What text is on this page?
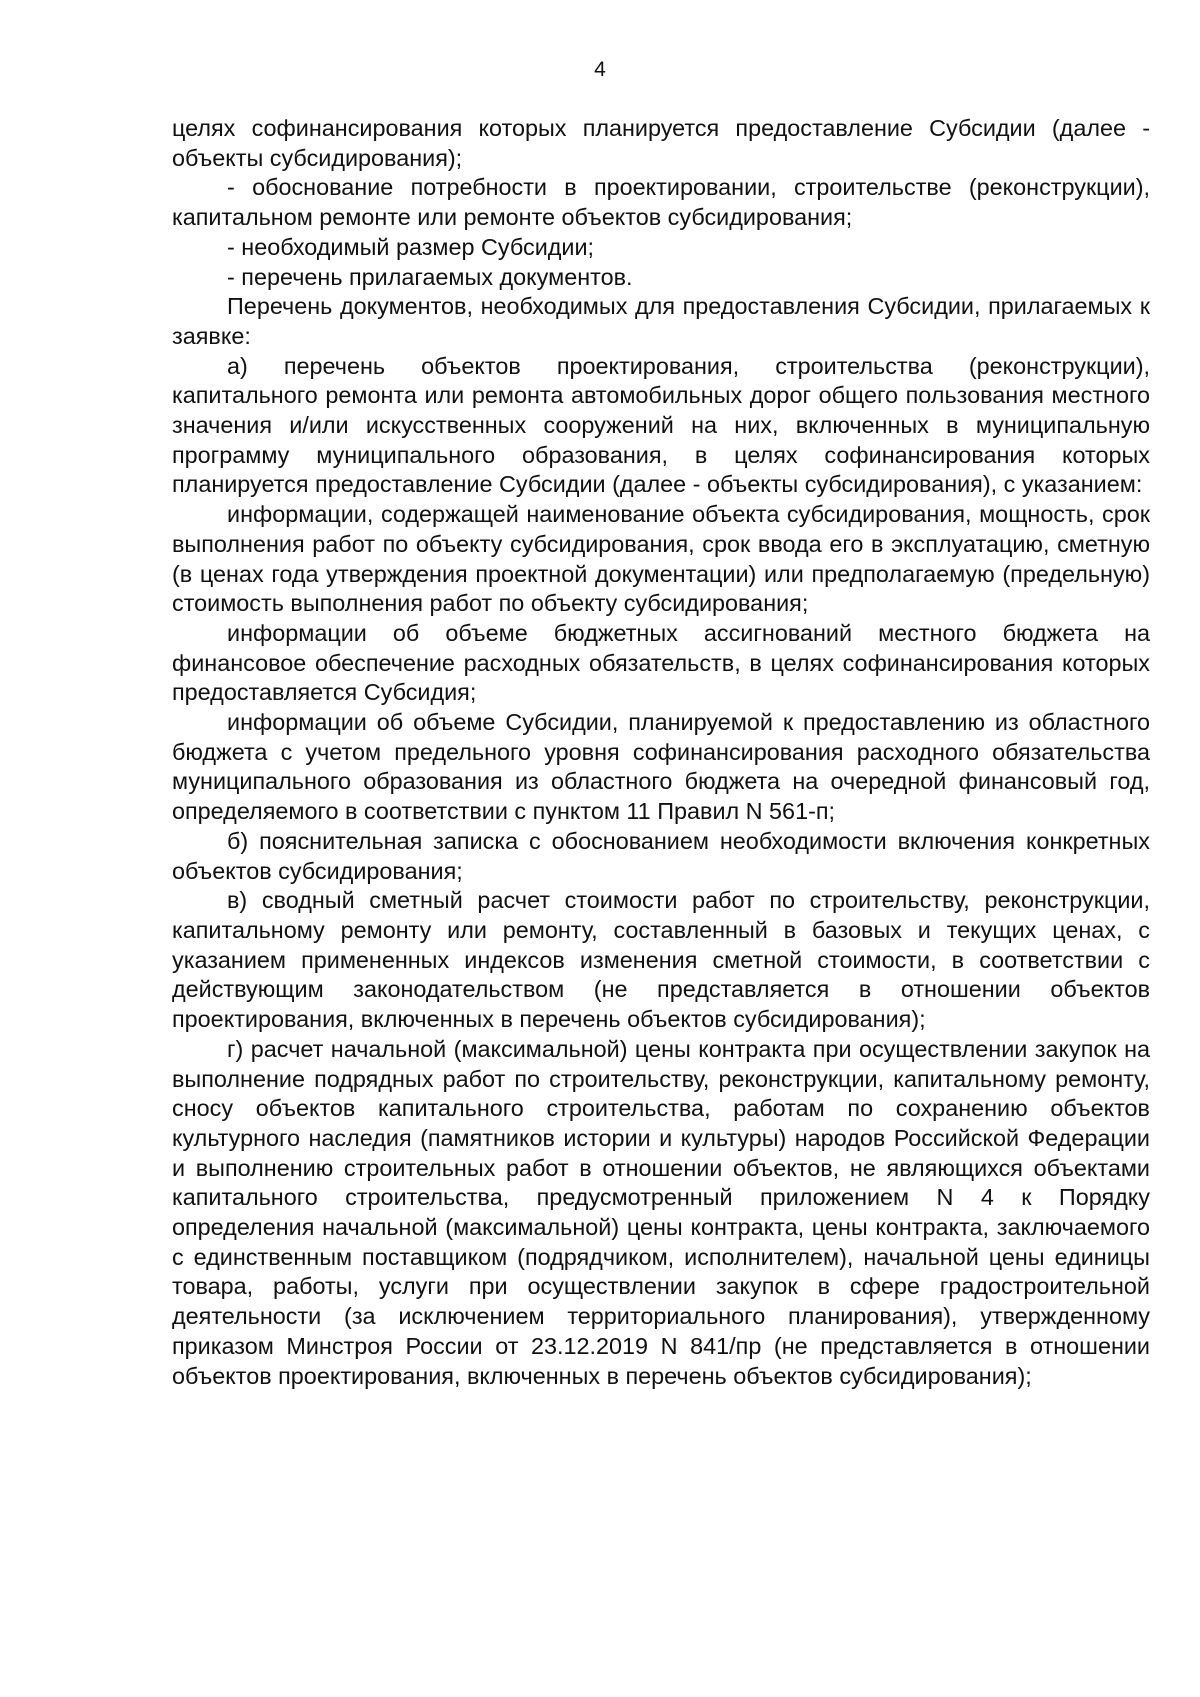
4

целях софинансирования которых планируется предоставление Субсидии (далее - объекты субсидирования);

- обоснование потребности в проектировании, строительстве (реконструкции), капитальном ремонте или ремонте объектов субсидирования;

- необходимый размер Субсидии;

- перечень прилагаемых документов.

Перечень документов, необходимых для предоставления Субсидии, прилагаемых к заявке:

а) перечень объектов проектирования, строительства (реконструкции), капитального ремонта или ремонта автомобильных дорог общего пользования местного значения и/или искусственных сооружений на них, включенных в муниципальную программу муниципального образования, в целях софинансирования которых планируется предоставление Субсидии (далее - объекты субсидирования), с указанием:

информации, содержащей наименование объекта субсидирования, мощность, срок выполнения работ по объекту субсидирования, срок ввода его в эксплуатацию, сметную (в ценах года утверждения проектной документации) или предполагаемую (предельную) стоимость выполнения работ по объекту субсидирования;

информации об объеме бюджетных ассигнований местного бюджета на финансовое обеспечение расходных обязательств, в целях софинансирования которых предоставляется Субсидия;

информации об объеме Субсидии, планируемой к предоставлению из областного бюджета с учетом предельного уровня софинансирования расходного обязательства муниципального образования из областного бюджета на очередной финансовый год, определяемого в соответствии с пунктом 11 Правил N 561-п;

б) пояснительная записка с обоснованием необходимости включения конкретных объектов субсидирования;

в) сводный сметный расчет стоимости работ по строительству, реконструкции, капитальному ремонту или ремонту, составленный в базовых и текущих ценах, с указанием примененных индексов изменения сметной стоимости, в соответствии с действующим законодательством (не представляется в отношении объектов проектирования, включенных в перечень объектов субсидирования);

г) расчет начальной (максимальной) цены контракта при осуществлении закупок на выполнение подрядных работ по строительству, реконструкции, капитальному ремонту, сносу объектов капитального строительства, работам по сохранению объектов культурного наследия (памятников истории и культуры) народов Российской Федерации и выполнению строительных работ в отношении объектов, не являющихся объектами капитального строительства, предусмотренный приложением N 4 к Порядку определения начальной (максимальной) цены контракта, цены контракта, заключаемого с единственным поставщиком (подрядчиком, исполнителем), начальной цены единицы товара, работы, услуги при осуществлении закупок в сфере градостроительной деятельности (за исключением территориального планирования), утвержденному приказом Минстроя России от 23.12.2019 N 841/пр (не представляется в отношении объектов проектирования, включенных в перечень объектов субсидирования);
